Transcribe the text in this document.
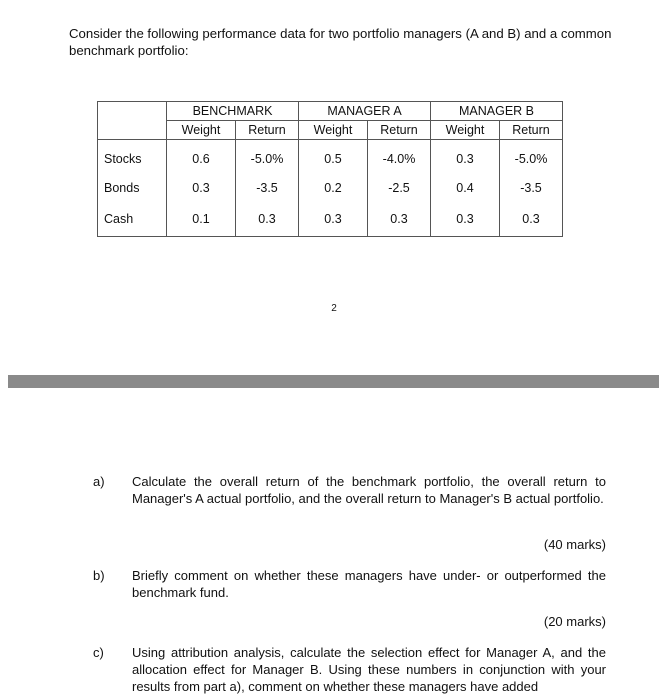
Consider the following performance data for two portfolio managers (A and B) and a common benchmark portfolio:
	BENCHMARK		MANAGER A		MANAGER B	
	Weight	Return	Weight	Return	Weight	Return
Stocks	0.6	-5.0%	0.5	-4.0%	0.3	-5.0%
Bonds	0.3	-3.5	0.2	-2.5	0.4	-3.5
Cash	0.1	0.3	0.3	0.3	0.3	0.3
2
a) Calculate the overall return of the benchmark portfolio, the overall return to Manager's A actual portfolio, and the overall return to Manager's B actual portfolio.
(40 marks)
b) Briefly comment on whether these managers have under- or outperformed the benchmark fund.
(20 marks)
c) Using attribution analysis, calculate the selection effect for Manager A, and the allocation effect for Manager B. Using these numbers in conjunction with your results from part a), comment on whether these managers have added
